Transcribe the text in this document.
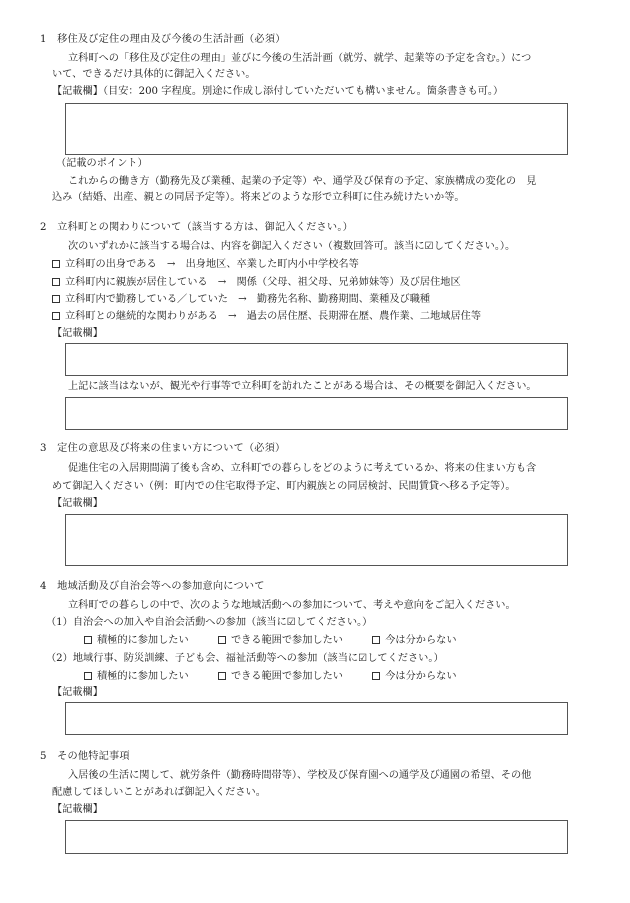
1　移住及び定住の理由及び今後の生活計画（必須）
立科町への「移住及び定住の理由」並びに今後の生活計画（就労、就学、起業等の予定を含む。）につ
いて、できるだけ具体的に御記入ください。
【記載欄】（目安：200 字程度。別途に作成し添付していただいても構いません。箇条書きも可。）
（記載のポイント）
これからの働き方（勤務先及び業種、起業の予定等）や、通学及び保育の予定、家族構成の変化の　見
込み（結婚、出産、親との同居予定等）。将来どのような形で立科町に住み続けたいか等。
2　立科町との関わりについて（該当する方は、御記入ください。）
次のいずれかに該当する場合は、内容を御記入ください（複数回答可。該当に☑してください。）。
立科町の出身である　→　出身地区、卒業した町内小中学校名等
立科町内に親族が居住している　→　関係（父母、祖父母、兄弟姉妹等）及び居住地区
立科町内で勤務している／していた　→　勤務先名称、勤務期間、業種及び職種
立科町との継続的な関わりがある　→　過去の居住歴、長期滞在歴、農作業、二地域居住等
【記載欄】
上記に該当はないが、観光や行事等で立科町を訪れたことがある場合は、その概要を御記入ください。
3　定住の意思及び将来の住まい方について（必須）
促進住宅の入居期間満了後も含め、立科町での暮らしをどのように考えているか、将来の住まい方も含
めて御記入ください（例：町内での住宅取得予定、町内親族との同居検討、民間賃貸へ移る予定等）。
【記載欄】
4　地域活動及び自治会等への参加意向について
立科町での暮らしの中で、次のような地域活動への参加について、考えや意向をご記入ください。
（1）自治会への加入や自治会活動への参加（該当に☑してください。）
積極的に参加したい	できる範囲で参加したい	今は分からない
（2）地域行事、防災訓練、子ども会、福祉活動等への参加（該当に☑してください。）
積極的に参加したい	できる範囲で参加したい	今は分からない
【記載欄】
5　その他特記事項
入居後の生活に関して、就労条件（勤務時間帯等）、学校及び保育園への通学及び通園の希望、その他
配慮してほしいことがあれば御記入ください。
【記載欄】
